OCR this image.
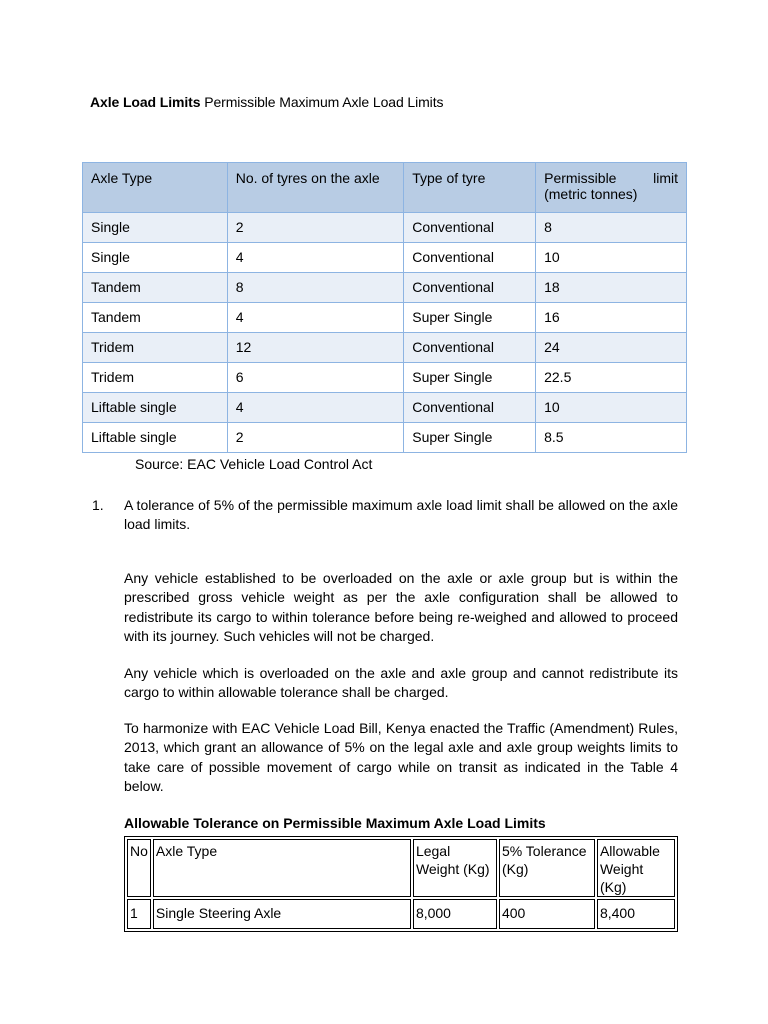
Axle Load Limits Permissible Maximum Axle Load Limits
Axle Type	No. of tyres on the axle	Type of tyre	Permissible limit
(metric tonnes)

Single	2	Conventional	8
Single	4	Conventional	10
Tandem	8	Conventional	18
Tandem	4	Super Single	16
Tridem	12	Conventional	24
Tridem	6	Super Single	22.5
Liftable single	4	Conventional	10
Liftable single	2	Super Single	8.5
Source: EAC Vehicle Load Control Act
1. A tolerance of 5% of the permissible maximum axle load limit shall be allowed on the axle load limits.
Any vehicle established to be overloaded on the axle or axle group but is within the prescribed gross vehicle weight as per the axle configuration shall be allowed to redistribute its cargo to within tolerance before being re-weighed and allowed to proceed with its journey. Such vehicles will not be charged.
Any vehicle which is overloaded on the axle and axle group and cannot redistribute its cargo to within allowable tolerance shall be charged.
To harmonize with EAC Vehicle Load Bill, Kenya enacted the Traffic (Amendment) Rules, 2013, which grant an allowance of 5% on the legal axle and axle group weights limits to take care of possible movement of cargo while on transit as indicated in the Table 4 below.
Allowable Tolerance on Permissible Maximum Axle Load Limits
No	Axle Type	Legal Weight (Kg)	5% Tolerance (Kg)	Allowable Weight (Kg)
1	Single Steering Axle	8,000	400	8,400
